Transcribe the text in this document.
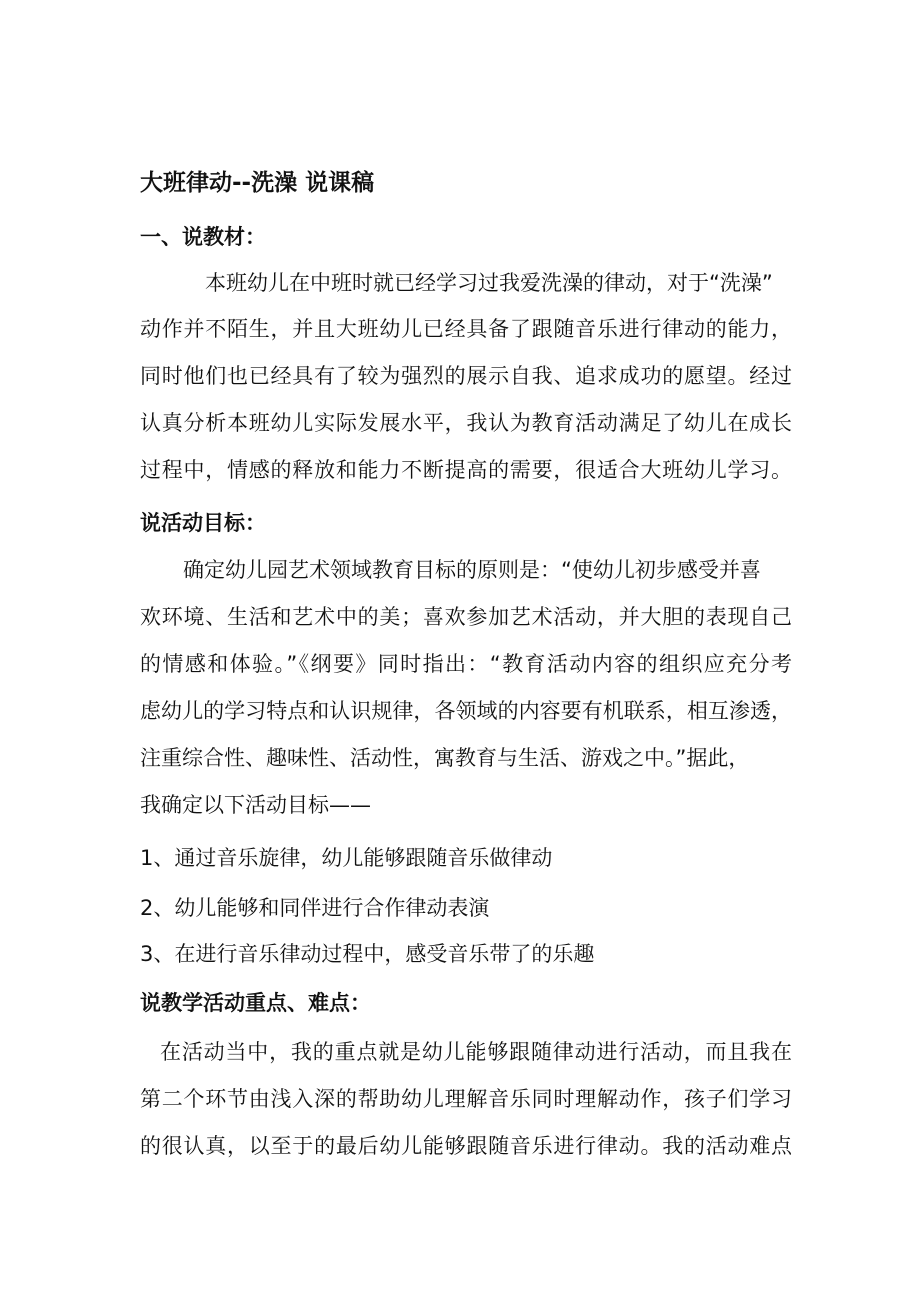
大班律动--洗澡 说课稿

一、说教材：

本班幼儿在中班时就已经学习过我爱洗澡的律动，对于“洗澡”

动作并不陌生，并且大班幼儿已经具备了跟随音乐进行律动的能力，

同时他们也已经具有了较为强烈的展示自我、追求成功的愿望。经过

认真分析本班幼儿实际发展水平，我认为教育活动满足了幼儿在成长

过程中，情感的释放和能力不断提高的需要，很适合大班幼儿学习。

说活动目标：

确定幼儿园艺术领域教育目标的原则是：“使幼儿初步感受并喜

欢环境、生活和艺术中的美；喜欢参加艺术活动，并大胆的表现自己

的情感和体验。”《纲要》同时指出：“教育活动内容的组织应充分考

虑幼儿的学习特点和认识规律，各领域的内容要有机联系，相互渗透，

注重综合性、趣味性、活动性，寓教育与生活、游戏之中。”据此，

我确定以下活动目标——

1、通过音乐旋律，幼儿能够跟随音乐做律动

2、幼儿能够和同伴进行合作律动表演

3、在进行音乐律动过程中，感受音乐带了的乐趣

说教学活动重点、难点：

在活动当中，我的重点就是幼儿能够跟随律动进行活动，而且我在

第二个环节由浅入深的帮助幼儿理解音乐同时理解动作，孩子们学习

的很认真，以至于的最后幼儿能够跟随音乐进行律动。我的活动难点
